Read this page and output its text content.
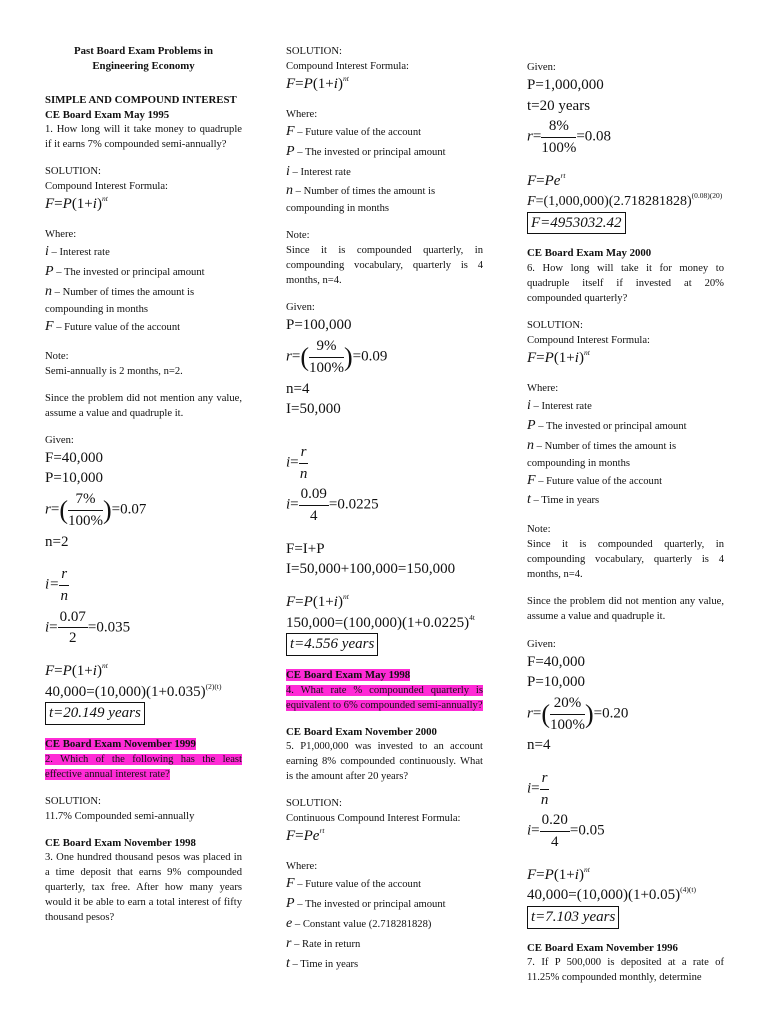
Past Board Exam Problems in Engineering Economy
SIMPLE AND COMPOUND INTEREST
CE Board Exam May 1995
1. How long will it take money to quadruple if it earns 7% compounded semi-annually?
SOLUTION:
Compound Interest Formula:
$F=P(1+i)^{nt}$
Where:
i – Interest rate
P – The invested or principal amount
n – Number of times the amount is compounding in months
F – Future value of the account
Note:
Semi-annually is 2 months, n=2.
Since the problem did not mention any value, assume a value and quadruple it.
Given:
F=40,000
P=10,000
$r=( \frac{7\%}{100\%} )=0.07$
n=2
$i= \frac{r}{n}$
$i= \frac{0.07}{2} =0.035$
$F=P(1+i)^{nt}$
$40,000=(10,000)(1+0.035)^{(2)(t)}$
t=20.149 years
CE Board Exam November 1999
2. Which of the following has the least effective annual interest rate?
SOLUTION:
11.7% Compounded semi-annually
CE Board Exam November 1998
3. One hundred thousand pesos was placed in a time deposit that earns 9% compounded quarterly, tax free. After how many years would it be able to earn a total interest of fifty thousand pesos?
SOLUTION:
Compound Interest Formula:
$F=P(1+i)^{nt}$
Where:
F – Future value of the account
P – The invested or principal amount
i – Interest rate
n – Number of times the amount is compounding in months
Note:
Since it is compounded quarterly, in compounding vocabulary, quarterly is 4 months, n=4.
Given:
P=100,000
$r=( \frac{9\%}{100\%} )=0.09$
n=4
I=50,000
$i= \frac{r}{n}$
$i= \frac{0.09}{4} =0.0225$
F=I+P
I=50,000+100,000=150,000
$F=P(1+i)^{nt}$
$150,000=(100,000)(1+0.0225)^{4t}$
t=4.556 years
CE Board Exam May 1998
4. What rate % compounded quarterly is equivalent to 6% compounded semi-annually?
CE Board Exam November 2000
5. P1,000,000 was invested to an account earning 8% compounded continuously. What is the amount after 20 years?
SOLUTION:
Continuous Compound Interest Formula:
$F=Pe^{rt}$
Where:
F – Future value of the account
P – The invested or principal amount
e – Constant value (2.718281828)
r – Rate in return
t – Time in years
Given:
P=1,000,000
t=20 years
$r= \frac{8\%}{100\%} =0.08$
$F=Pe^{rt}$
$F=(1,000,000)(2.718281828)^{(0.08)(20)}$
F=4953032.42
CE Board Exam May 2000
6. How long will take it for money to quadruple itself if invested at 20% compounded quarterly?
SOLUTION:
Compound Interest Formula:
$F=P(1+i)^{nt}$
Where:
i – Interest rate
P – The invested or principal amount
n – Number of times the amount is compounding in months
F – Future value of the account
t – Time in years
Note:
Since it is compounded quarterly, in compounding vocabulary, quarterly is 4 months, n=4.
Since the problem did not mention any value, assume a value and quadruple it.
Given:
F=40,000
P=10,000
$r=( \frac{20\%}{100\%} )=0.20$
n=4
$i= \frac{r}{n}$
$i= \frac{0.20}{4} =0.05$
$F=P(1+i)^{nt}$
$40,000=(10,000)(1+0.05)^{(4)(t)}$
t=7.103 years
CE Board Exam November 1996
7. If P 500,000 is deposited at a rate of 11.25% compounded monthly, determine
